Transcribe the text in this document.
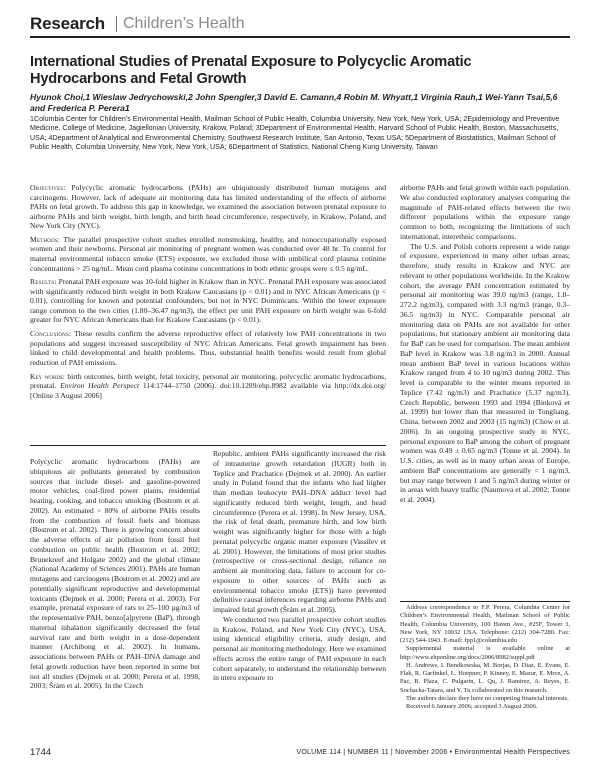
Research Children’s Health
International Studies of Prenatal Exposure to Polycyclic Aromatic Hydrocarbons and Fetal Growth
Hyunok Choi,1 Wieslaw Jedrychowski,2 John Spengler,3 David E. Camann,4 Robin M. Whyatt,1 Virginia Rauh,1 Wei-Yann Tsai,5,6 and Frederica P. Perera1
1Columbia Center for Children’s Environmental Health, Mailman School of Public Health, Columbia University, New York, New York, USA; 2Epidemiology and Preventive Medicine, College of Medicine, Jagiellonian University, Krakow, Poland; 3Department of Environmental Health, Harvard School of Public Health, Boston, Massachusetts, USA; 4Department of Analytical and Environmental Chemistry, Southwest Research Institute, San Antonio, Texas USA; 5Department of Biostatistics, Mailman School of Public Health, Columbia University, New York, New York, USA; 6Department of Statistics, National Cheng Kung University, Taiwan

Objectives: Polycyclic aromatic hydrocarbons (PAHs) are ubiquitously distributed human mutagens and carcinogens. However, lack of adequate air monitoring data has limited understanding of the effects of airborne PAHs on fetal growth. To address this gap in knowledge, we examined the association between prenatal exposure to airborne PAHs and birth weight, birth length, and birth head circumference, respectively, in Krakow, Poland, and New York City (NYC).

Methods: The parallel prospective cohort studies enrolled nonsmoking, healthy, and nonoccupationally exposed women and their newborns. Personal air monitoring of pregnant women was conducted over 48 hr. To control for maternal environmental tobacco smoke (ETS) exposure, we excluded those with umbilical cord plasma cotinine concentrations > 25 ng/mL. Mean cord plasma cotinine concentrations in both ethnic groups were ≤ 0.5 ng/mL.

Results: Prenatal PAH exposure was 10-fold higher in Krakow than in NYC. Prenatal PAH exposure was associated with significantly reduced birth weight in both Krakow Caucasians (p < 0.01) and in NYC African Americans (p < 0.01), controlling for known and potential confounders, but not in NYC Dominicans. Within the lower exposure range common to the two cities (1.80–36.47 ng/m3), the effect per unit PAH exposure on birth weight was 6-fold greater for NYC African Americans than for Krakow Caucasians (p < 0.01).

Conclusions: These results confirm the adverse reproductive effect of relatively low PAH concentrations in two populations and suggest increased susceptibility of NYC African Americans. Fetal growth impairment has been linked to child developmental and health problems. Thus, substantial health benefits would result from global reduction of PAH emissions.

Key words: birth outcomes, birth weight, fetal toxicity, personal air monitoring, polycyclic aromatic hydrocarbons, prenatal. Environ Health Perspect 114:1744–1750 (2006). doi:10.1289/ehp.8982 available via http://dx.doi.org/ [Online 3 August 2006]

Polycyclic aromatic hydrocarbons (PAHs) are ubiquitous air pollutants generated by combustion sources that include diesel- and gasoline-powered motor vehicles, coal-fired power plants, residential heating, cooking, and tobacco smoking (Bostrom et al. 2002). An estimated > 80% of airborne PAHs results from the combustion of fossil fuels and biomass (Bostrom et al. 2002). There is growing concern about the adverse effects of air pollution from fossil fuel combustion on public health (Bostrom et al. 2002; Brunekreef and Holgate 2002) and the global climate (National Academy of Sciences 2001). PAHs are human mutagens and carcinogens (Bostrom et al. 2002) and are potentially significant reproductive and developmental toxicants (Dejmek et al. 2000; Perera et al. 2003). For example, prenatal exposure of rats to 25–100 µg/m3 of the representative PAH, benzo[a]pyrene (BaP), through maternal inhalation significantly decreased the fetal survival rate and birth weight in a dose-dependent manner (Archibong et al. 2002). In humans, associations between PAHs or PAH–DNA damage and fetal growth reduction have been reported in some but not all studies (Dejmek et al. 2000; Perera et al. 1998, 2003; Šrám et al. 2005). In the Czech

Republic, ambient PAHs significantly increased the risk of intrauterine growth retardation (IUGR) both in Teplice and Prachatice (Dejmek et al. 2000). An earlier study in Poland found that the infants who had higher than median leukocyte PAH–DNA adduct level had significantly reduced birth weight, length, and head circumference (Perera et al. 1998). In New Jersey, USA, the risk of fetal death, premature birth, and low birth weight was significantly higher for those with a high prenatal polycyclic organic matter exposure (Vassilev et al. 2001). However, the limitations of most prior studies (retrospective or cross-sectional design, reliance on ambient air monitoring data, failure to account for co-exposure to other sources of PAHs such as environmental tobacco smoke (ETS)) have prevented definitive causal inferences regarding airborne PAHs and impaired fetal growth (Šrám et al. 2005).

We conducted two parallel prospective cohort studies in Krakow, Poland, and New York City (NYC), USA, using identical eligibility criteria, study design, and personal air monitoring methodology. Here we examined effects across the entire range of PAH exposure in each cohort separately, to understand the relationship between in utero exposure to

airborne PAHs and fetal growth within each population. We also conducted exploratory analyses comparing the magnitude of PAH-related effects between the two different populations within the exposure range common to both, recognizing the limitations of such international, interethnic comparisons.

The U.S. and Polish cohorts represent a wide range of exposure, experienced in many other urban areas; therefore, study results in Krakow and NYC are relevant to other populations worldwide. In the Krakow cohort, the average PAH concentration estimated by personal air monitoring was 39.0 ng/m3 (range, 1.8–272.2 ng/m3), compared with 3.3 ng/m3 (range, 0.3–36.5 ng/m3) in NYC. Comparable personal air monitoring data on PAHs are not available for other populations, but stationary ambient air monitoring data for BaP can be used for comparison. The mean ambient BaP level in Krakow was 3.8 ng/m3 in 2000. Annual mean ambient BaP level in various locations within Krakow ranged from 4 to 10 ng/m3 during 2002. This level is comparable to the winter means reported in Teplice (7.42 ng/m3) and Prachatice (5.37 ng/m3), Czech Republic, between 1993 and 1994 (Binková et al. 1999) but lower than that measured in Tongliang, China, between 2002 and 2003 (15 ng/m3) (Chow et al. 2006). In an ongoing prospective study in NYC, personal exposure to BaP among the cohort of pregnant women was 0.49 ± 0.65 ng/m3 (Tonne et al. 2004). In U.S. cities, as well as in many urban areas of Europe, ambient BaP concentrations are generally < 1 ng/m3, but may range between 1 and 5 ng/m3 during winter or in areas with heavy traffic (Naumova et al. 2002; Tonne et al. 2004).

Address correspondence to F.P. Perera, Columbia Center for Children’s Environmental Health, Mailman School of Public Health, Columbia University, 100 Haven Ave., #25F, Tower 3, New York, NY 10032 USA. Telephone: (212) 304-7280. Fax: (212) 544-1943. E-mail: fpp1@columbia.edu

Supplemental material is available online at http://www.ehponline.org/docs/2006/8982/suppl.pdf

H. Andrews, I. Bendkowska, M. Borjas, D. Diaz, E. Evans, E. Flak, R. Garfinkel, L. Hoepner, P. Kinney, E. Mazur, E. Mroz, A. Pac, B. Plaza, C. Pulgarin, L. Qu, J. Ramirez, A. Reyes, E. Sochacka-Tatara, and Y. Tu collaborated on this research.

The authors declare they have no competing financial interests.

Received 6 January 2006; accepted 3 August 2006.

1744	VOLUME 114 | NUMBER 11 | November 2006 • Environmental Health Perspectives
